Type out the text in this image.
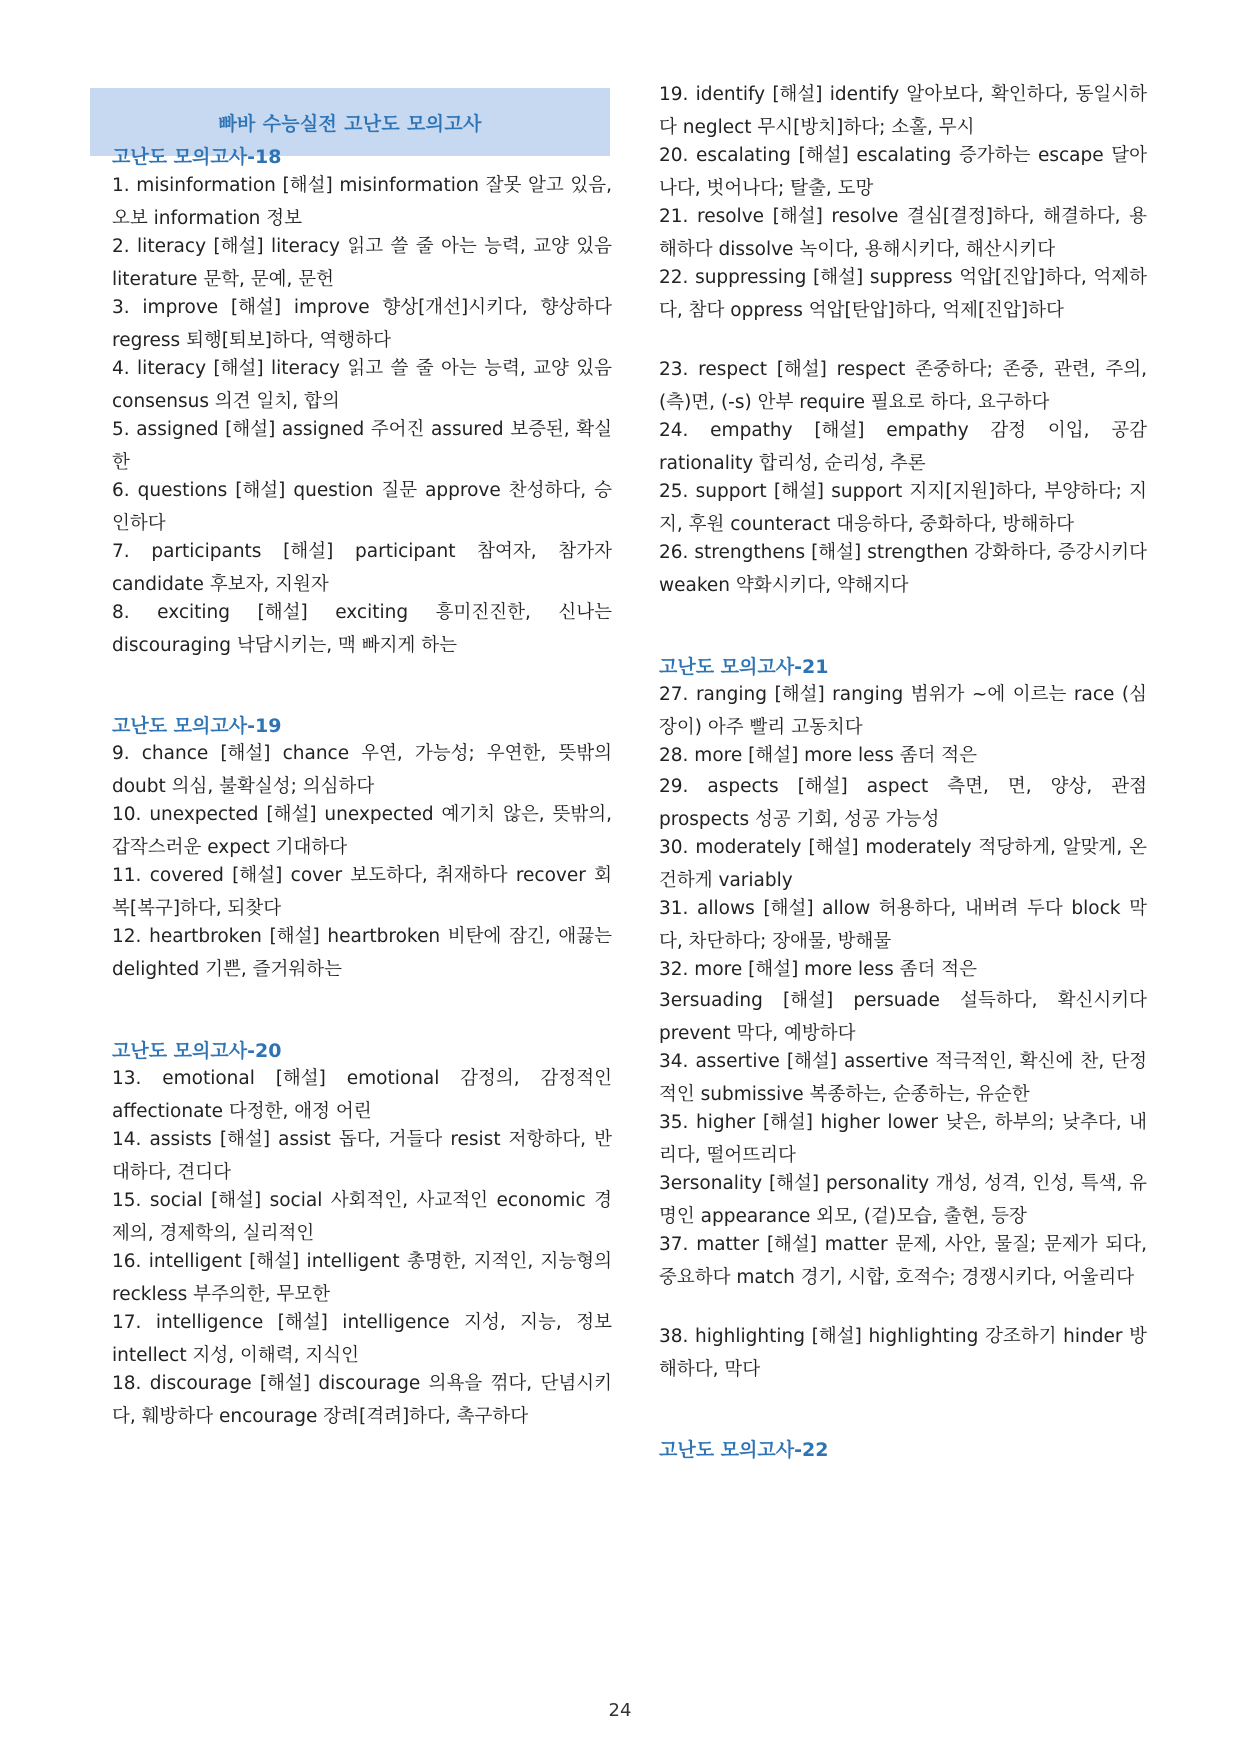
빠바 수능실전 고난도 모의고사
고난도 모의고사-18
1. misinformation [해설] misinformation 잘못 알고 있음, 오보 information 정보
2. literacy [해설] literacy 읽고 쓸 줄 아는 능력, 교양 있음 literature 문학, 문예, 문헌
3. improve [해설] improve 향상[개선]시키다, 향상하다 regress 퇴행[퇴보]하다, 역행하다
4. literacy [해설] literacy 읽고 쓸 줄 아는 능력, 교양 있음 consensus 의견 일치, 합의
5. assigned [해설] assigned 주어진 assured 보증된, 확실한
6. questions [해설] question 질문 approve 찬성하다, 승인하다
7. participants [해설] participant 참여자, 참가자 candidate 후보자, 지원자
8. exciting [해설] exciting 흥미진진한, 신나는 discouraging 낙담시키는, 맥 빠지게 하는
고난도 모의고사-19
9. chance [해설] chance 우연, 가능성; 우연한, 뜻밖의 doubt 의심, 불확실성; 의심하다
10. unexpected [해설] unexpected 예기치 않은, 뜻밖의, 갑작스러운 expect 기대하다
11. covered [해설] cover 보도하다, 취재하다 recover 회복[복구]하다, 되찾다
12. heartbroken [해설] heartbroken 비탄에 잠긴, 애끓는 delighted 기쁜, 즐거워하는
고난도 모의고사-20
13. emotional [해설] emotional 감정의, 감정적인 affectionate 다정한, 애정 어린
14. assists [해설] assist 돕다, 거들다 resist 저항하다, 반대하다, 견디다
15. social [해설] social 사회적인, 사교적인 economic 경제의, 경제학의, 실리적인
16. intelligent [해설] intelligent 총명한, 지적인, 지능형의 reckless 부주의한, 무모한
17. intelligence [해설] intelligence 지성, 지능, 정보 intellect 지성, 이해력, 지식인
18. discourage [해설] discourage 의욕을 꺾다, 단념시키다, 훼방하다 encourage 장려[격려]하다, 촉구하다
19. identify [해설] identify 알아보다, 확인하다, 동일시하다 neglect 무시[방치]하다; 소홀, 무시
20. escalating [해설] escalating 증가하는 escape 달아나다, 벗어나다; 탈출, 도망
21. resolve [해설] resolve 결심[결정]하다, 해결하다, 용해하다 dissolve 녹이다, 용해시키다, 해산시키다
22. suppressing [해설] suppress 억압[진압]하다, 억제하다, 참다 oppress 억압[탄압]하다, 억제[진압]하다
23. respect [해설] respect 존중하다; 존중, 관련, 주의, (측)면, (-s) 안부 require 필요로 하다, 요구하다
24. empathy [해설] empathy 감정 이입, 공감 rationality 합리성, 순리성, 추론
25. support [해설] support 지지[지원]하다, 부양하다; 지지, 후원 counteract 대응하다, 중화하다, 방해하다
26. strengthens [해설] strengthen 강화하다, 증강시키다 weaken 약화시키다, 약해지다
고난도 모의고사-21
27. ranging [해설] ranging 범위가 ~에 이르는 race (심장이) 아주 빨리 고동치다
28. more [해설] more less 좀더 적은
29. aspects [해설] aspect 측면, 면, 양상, 관점 prospects 성공 기회, 성공 가능성
30. moderately [해설] moderately 적당하게, 알맞게, 온건하게 variably
31. allows [해설] allow 허용하다, 내버려 두다 block 막다, 차단하다; 장애물, 방해물
32. more [해설] more less 좀더 적은
3ersuading [해설] persuade 설득하다, 확신시키다 prevent 막다, 예방하다
34. assertive [해설] assertive 적극적인, 확신에 찬, 단정적인 submissive 복종하는, 순종하는, 유순한
35. higher [해설] higher lower 낮은, 하부의; 낮추다, 내리다, 떨어뜨리다
3ersonality [해설] personality 개성, 성격, 인성, 특색, 유명인 appearance 외모, (겉)모습, 출현, 등장
37. matter [해설] matter 문제, 사안, 물질; 문제가 되다, 중요하다 match 경기, 시합, 호적수; 경쟁시키다, 어울리다
38. highlighting [해설] highlighting 강조하기 hinder 방해하다, 막다
고난도 모의고사-22
24
